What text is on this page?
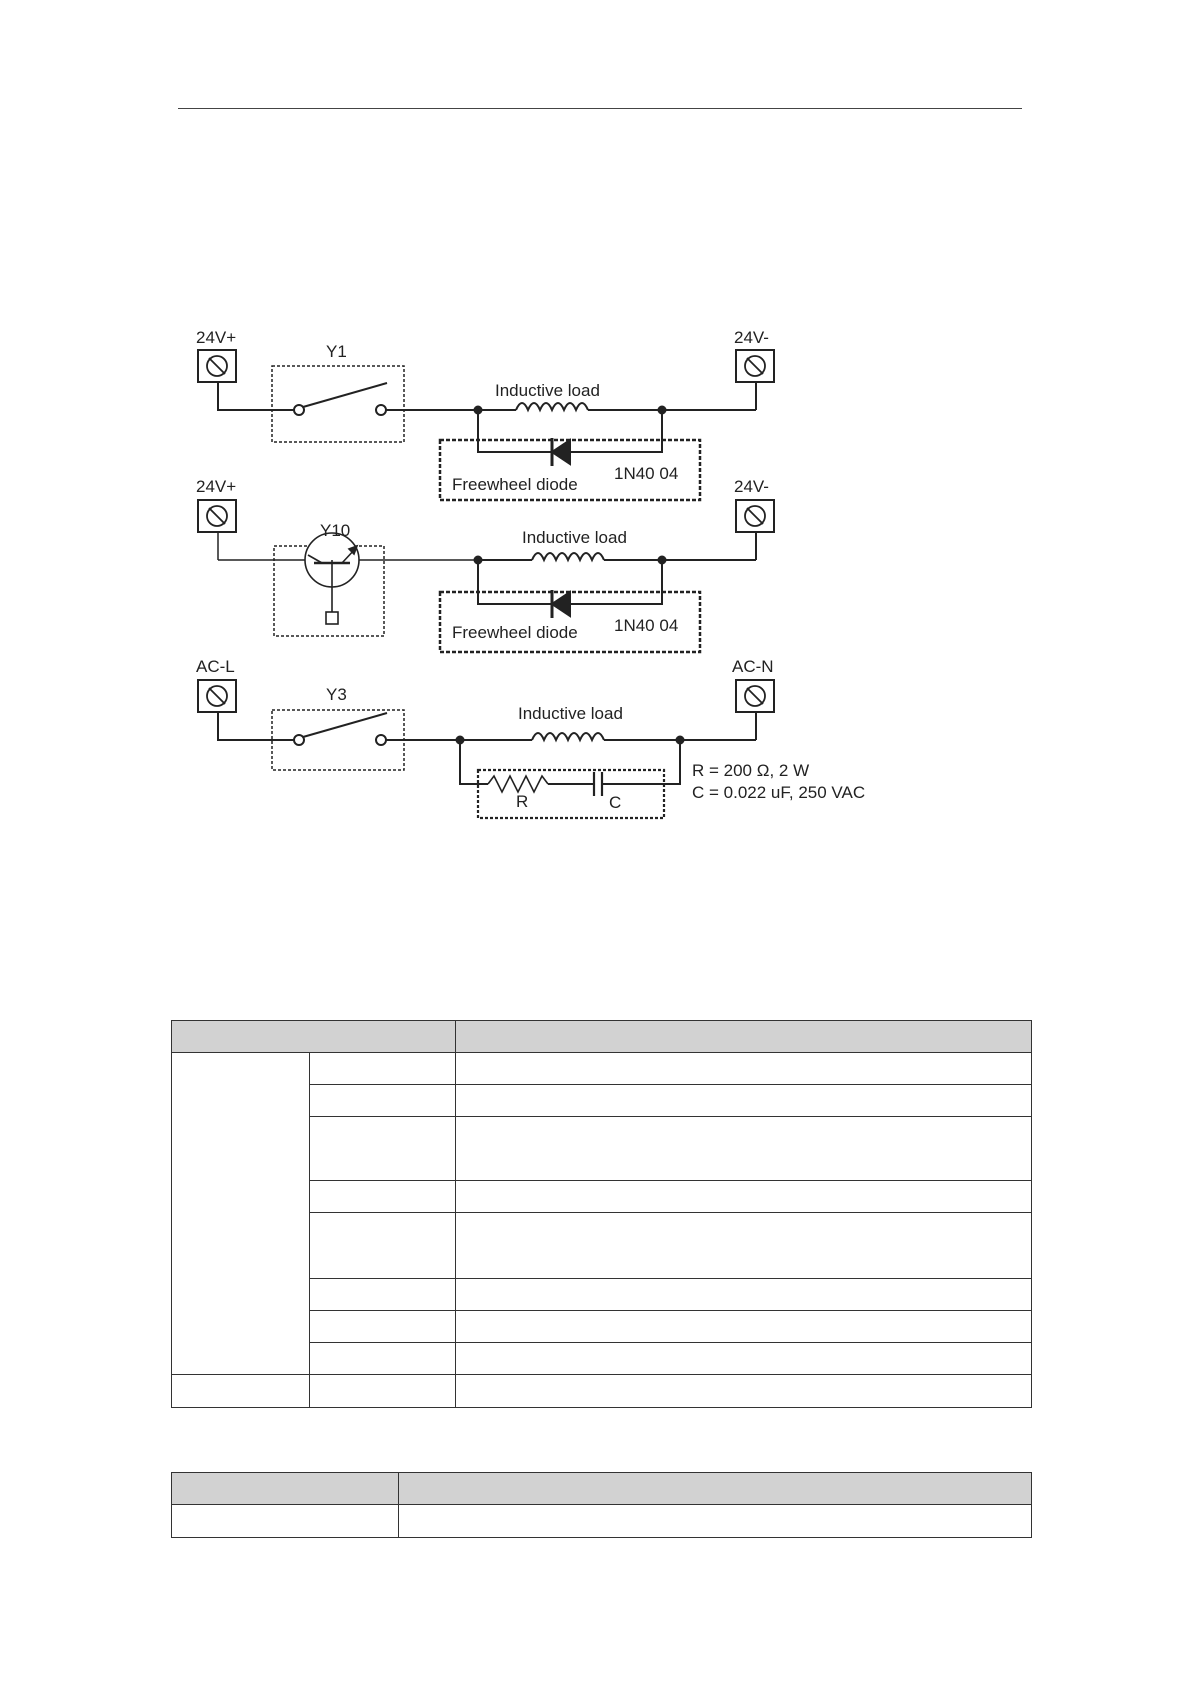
24V+	24V-
Y1
Inductive load
Freewheel diode
1N40 04
24V+	24V-
Y10	Inductive load
Freewheel diode 1N40 04
AC-L	AC-N
Y3
Inductive load
R	C
R = 200 Ω, 2 W
C = 0.022 uF, 250 VAC
